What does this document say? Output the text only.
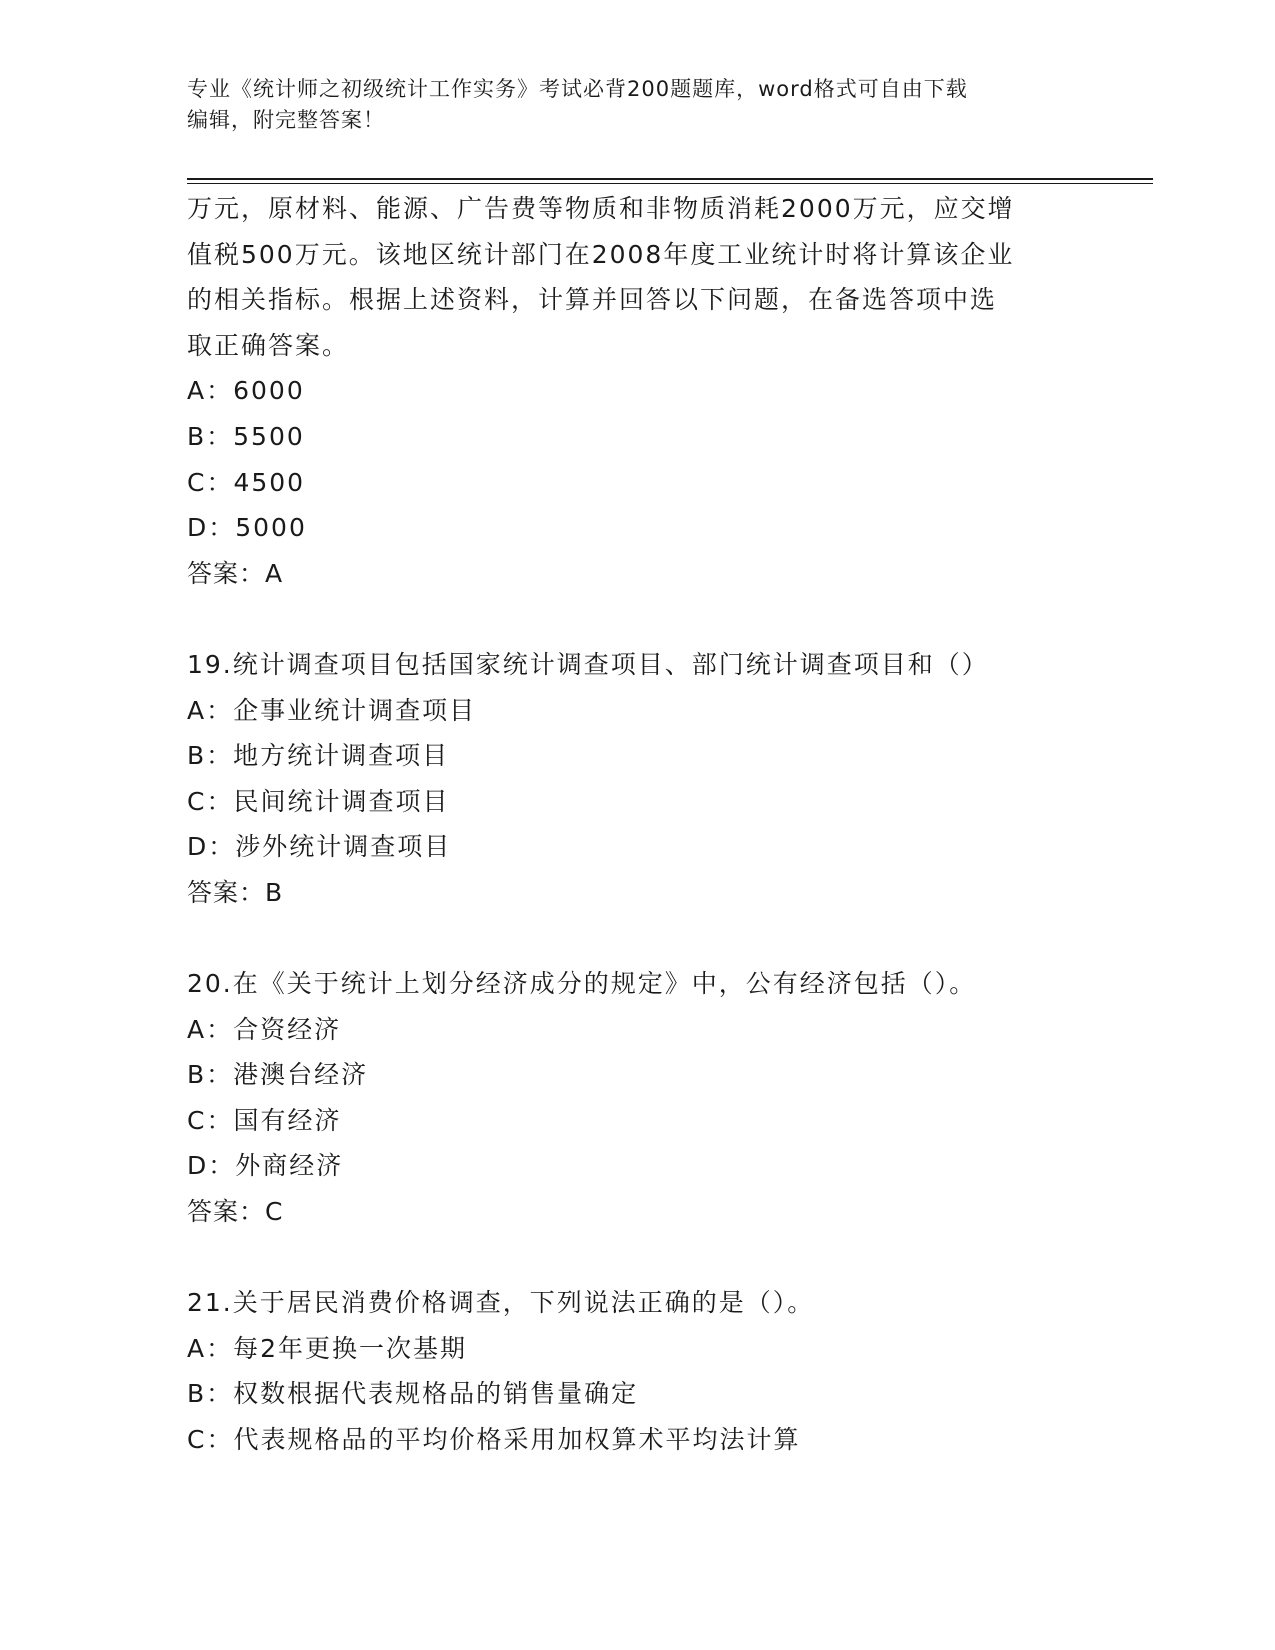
专业《统计师之初级统计工作实务》考试必背200题题库，word格式可自由下载
编辑，附完整答案！
万元，原材料、能源、广告费等物质和非物质消耗2000万元，应交增
值税500万元。该地区统计部门在2008年度工业统计时将计算该企业
的相关指标。根据上述资料，计算并回答以下问题，在备选答项中选
取正确答案。
A：6000
B：5500
C：4500
D：5000
答案：A
19.统计调查项目包括国家统计调查项目、部门统计调查项目和（）
A：企事业统计调查项目
B：地方统计调查项目
C：民间统计调查项目
D：涉外统计调查项目
答案：B
20.在《关于统计上划分经济成分的规定》中，公有经济包括（）。
A：合资经济
B：港澳台经济
C：国有经济
D：外商经济
答案：C
21.关于居民消费价格调查，下列说法正确的是（）。
A：每2年更换一次基期
B：权数根据代表规格品的销售量确定
C：代表规格品的平均价格采用加权算术平均法计算
